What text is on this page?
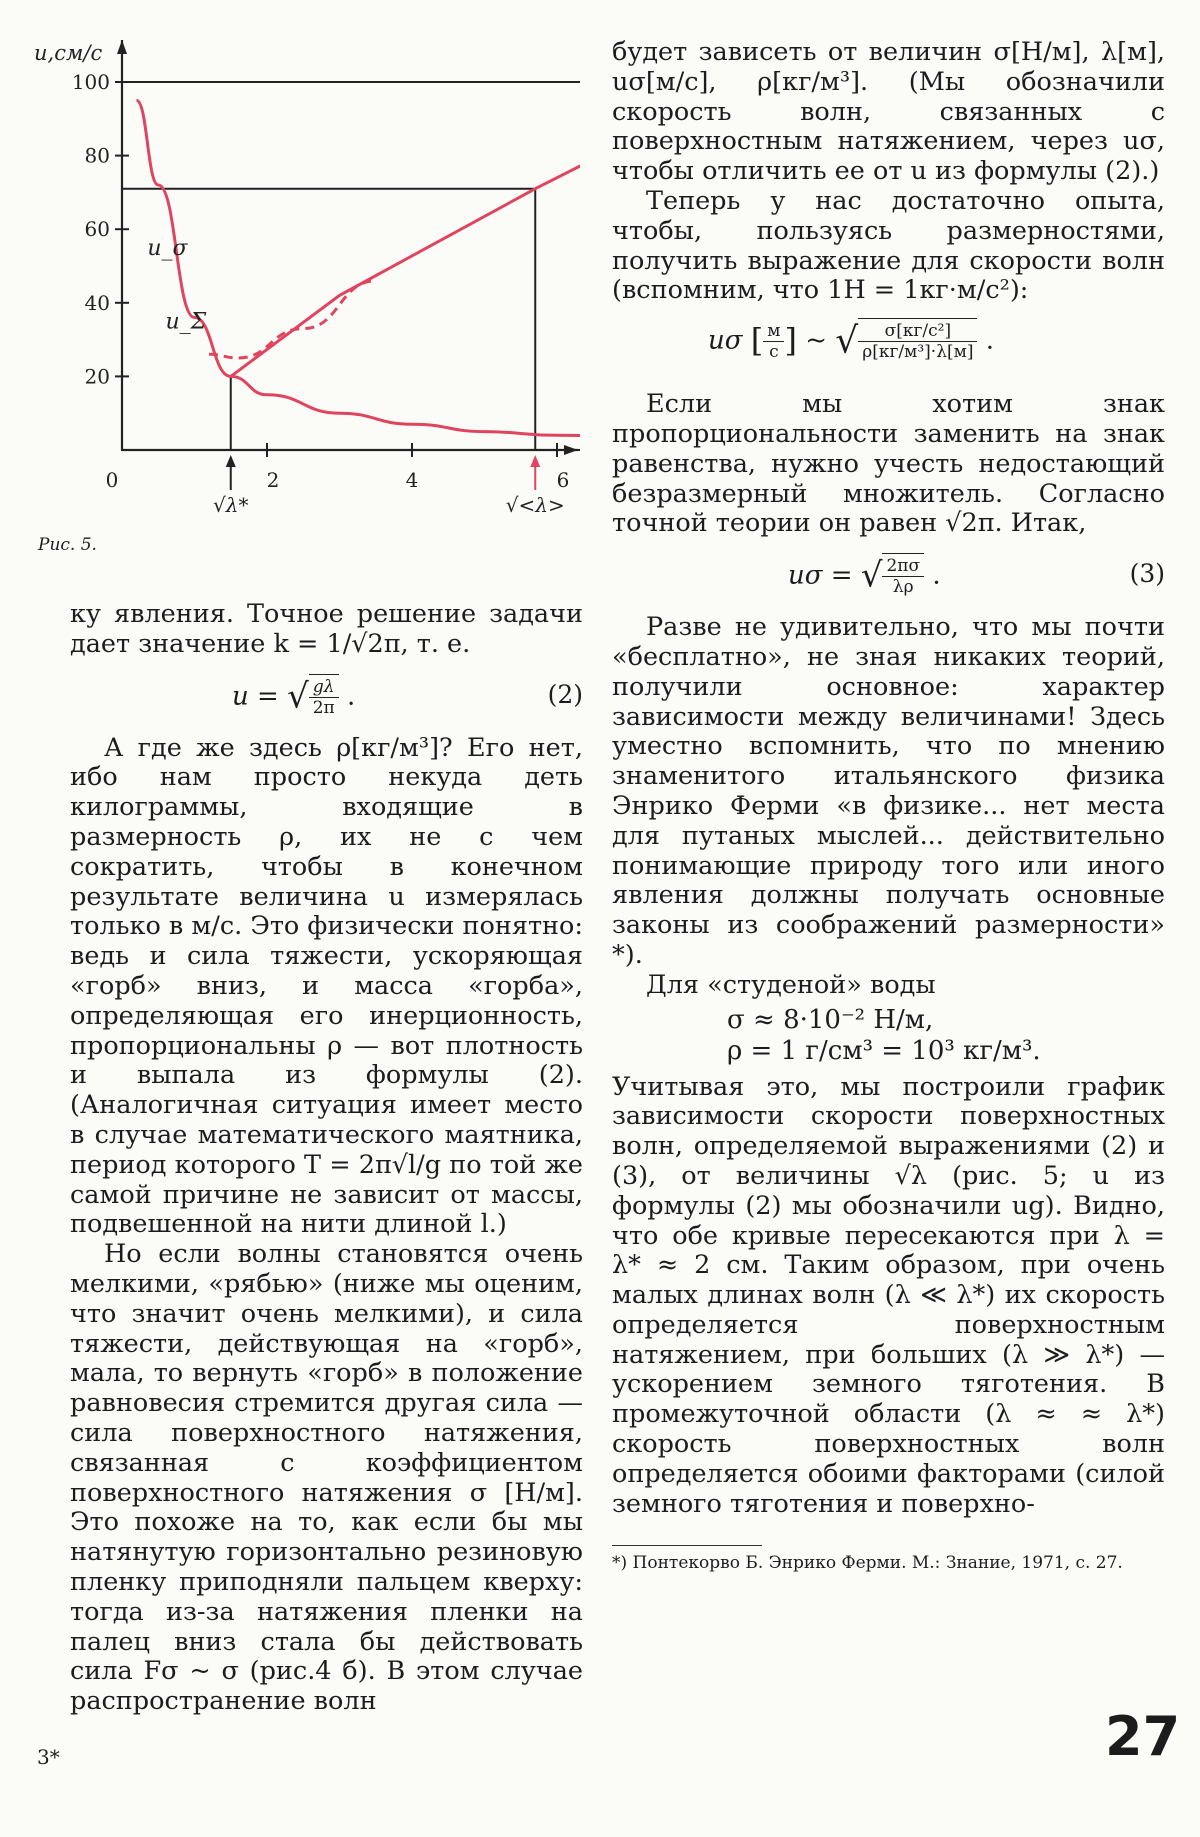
100
80
60
40
20
0	2	4	6
u,см/с
u_σ
u_Σ
√λ*	√<λ>
Рис. 5.

ку явления. Точное решение задачи дает значение k = 1/√2π, т. е.

u = √ $\frac{g\lambda}{2\pi}$ .	(2)

А где же здесь ρ[кг/м³]? Его нет, ибо нам просто некуда деть килограммы, входящие в размерность ρ, их не с чем сократить, чтобы в конечном результате величина u измерялась только в м/с. Это физически понятно: ведь и сила тяжести, ускоряющая «горб» вниз, и масса «горба», определяющая его инерционность, пропорциональны ρ — вот плотность и выпала из формулы (2). (Аналогичная ситуация имеет место в случае математического маятника, период которого T = 2π√l/g по той же самой причине не зависит от массы, подвешенной на нити длиной l.)

Но если волны становятся очень мелкими, «рябью» (ниже мы оценим, что значит очень мелкими), и сила тяжести, действующая на «горб», мала, то вернуть «горб» в положение равновесия стремится другая сила — сила поверхностного натяжения, связанная с коэффициентом поверхностного натяжения σ [Н/м]. Это похоже на то, как если бы мы натянутую горизонтально резиновую пленку приподняли пальцем кверху: тогда из-за натяжения пленки на палец вниз стала бы действовать сила Fσ ~ σ (рис.4 б). В этом случае распространение волн

будет зависеть от величин σ[Н/м], λ[м], uσ[м/с], ρ[кг/м³]. (Мы обозначили скорость волн, связанных с поверхностным натяжением, через uσ, чтобы отличить ее от u из формулы (2).)

Теперь у нас достаточно опыта, чтобы, пользуясь размерностями, получить выражение для скорости волн (вспомним, что 1Н = 1кг·м/с²):

uσ [ $\frac{м}{с}$ ] ~ √ $\frac{\text{σ[кг/с²]}}{\text{ρ[кг/м³]·λ[м]}}$ .

Если мы хотим знак пропорциональности заменить на знак равенства, нужно учесть недостающий безразмерный множитель. Согласно точной теории он равен √2π. Итак,

uσ = √ $\frac{2\pi\sigma}{\lambda\rho}$ .	(3)

Разве не удивительно, что мы почти «бесплатно», не зная никаких теорий, получили основное: характер зависимости между величинами! Здесь уместно вспомнить, что по мнению знаменитого итальянского физика Энрико Ферми «в физике... нет места для путаных мыслей... действительно понимающие природу того или иного явления должны получать основные законы из соображений размерности» *).

Для «студеной» воды

σ ≈ 8·10⁻² Н/м,
ρ = 1 г/см³ = 10³ кг/м³.

Учитывая это, мы построили график зависимости скорости поверхностных волн, определяемой выражениями (2) и (3), от величины √λ (рис. 5; u из формулы (2) мы обозначили ug). Видно, что обе кривые пересекаются при λ = λ* ≈ 2 см. Таким образом, при очень малых длинах волн (λ ≪ λ*) их скорость определяется поверхностным натяжением, при больших (λ ≫ λ*) — ускорением земного тяготения. В промежуточной области (λ ≈ ≈ λ*) скорость поверхностных волн определяется обоими факторами (силой земного тяготения и поверхно-

*) Понтекорво Б. Энрико Ферми. М.: Знание, 1971, с. 27.

3*	27
